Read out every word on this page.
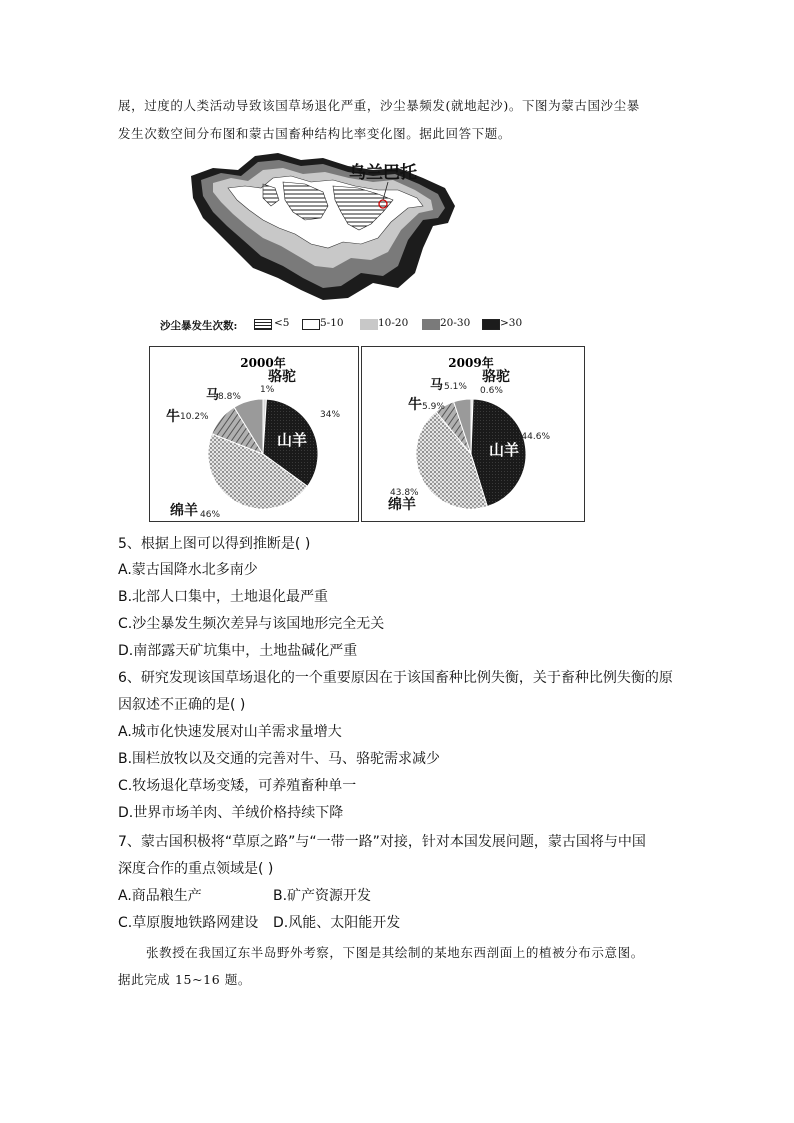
展，过度的人类活动导致该国草场退化严重，沙尘暴频发(就地起沙)。下图为蒙古国沙尘暴
发生次数空间分布图和蒙古国畜种结构比率变化图。据此回答下题。
乌兰巴托
沙尘暴发生次数:	<5	5-10	10-20	20-30	>30
2000年
山羊
34%
绵羊 46%
牛 10.2%
马
8.8%
骆驼
1%
2009年
山羊
44.6%
绵羊
43.8%
牛 5.9%
马 5.1%
骆驼
0.6%
5、根据上图可以得到推断是( )
A.蒙古国降水北多南少
B.北部人口集中，土地退化最严重
C.沙尘暴发生频次差异与该国地形完全无关
D.南部露天矿坑集中，土地盐碱化严重
6、研究发现该国草场退化的一个重要原因在于该国畜种比例失衡，关于畜种比例失衡的原
因叙述不正确的是( )
A.城市化快速发展对山羊需求量增大
B.围栏放牧以及交通的完善对牛、马、骆驼需求减少
C.牧场退化草场变矮，可养殖畜种单一
D.世界市场羊肉、羊绒价格持续下降
7、蒙古国积极将“草原之路”与“一带一路”对接，针对本国发展问题，蒙古国将与中国
深度合作的重点领域是( )
A.商品粮生产	B.矿产资源开发
C.草原腹地铁路网建设 D.风能、太阳能开发
张教授在我国辽东半岛野外考察，下图是其绘制的某地东西剖面上的植被分布示意图。
据此完成 15~16 题。
